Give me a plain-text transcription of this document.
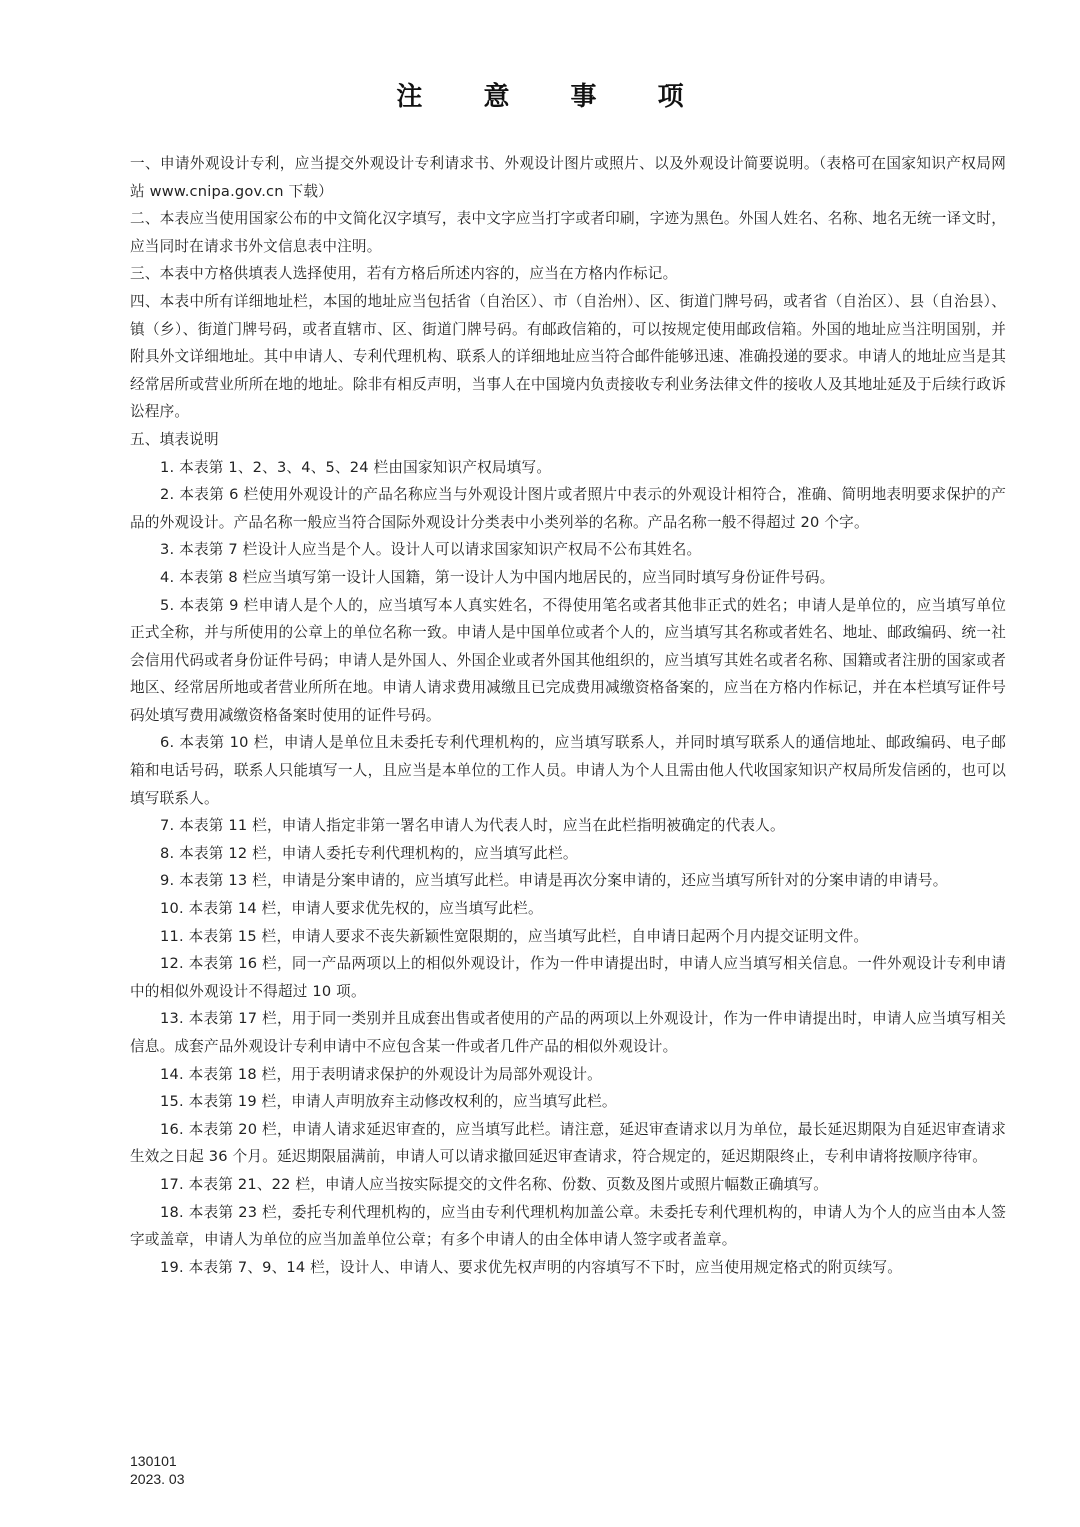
注 意 事 项

一、申请外观设计专利，应当提交外观设计专利请求书、外观设计图片或照片、以及外观设计简要说明。（表格可在国家知识产权局网站 www.cnipa.gov.cn 下载）

二、本表应当使用国家公布的中文简化汉字填写，表中文字应当打字或者印刷，字迹为黑色。外国人姓名、名称、地名无统一译文时，应当同时在请求书外文信息表中注明。

三、本表中方格供填表人选择使用，若有方格后所述内容的，应当在方格内作标记。

四、本表中所有详细地址栏，本国的地址应当包括省（自治区）、市（自治州）、区、街道门牌号码，或者省（自治区）、县（自治县）、镇（乡）、街道门牌号码，或者直辖市、区、街道门牌号码。有邮政信箱的，可以按规定使用邮政信箱。外国的地址应当注明国别，并附具外文详细地址。其中申请人、专利代理机构、联系人的详细地址应当符合邮件能够迅速、准确投递的要求。申请人的地址应当是其经常居所或营业所所在地的地址。除非有相反声明，当事人在中国境内负责接收专利业务法律文件的接收人及其地址延及于后续行政诉讼程序。

五、填表说明

1. 本表第 1、2、3、4、5、24 栏由国家知识产权局填写。

2. 本表第 6 栏使用外观设计的产品名称应当与外观设计图片或者照片中表示的外观设计相符合，准确、简明地表明要求保护的产品的外观设计。产品名称一般应当符合国际外观设计分类表中小类列举的名称。产品名称一般不得超过 20 个字。

3. 本表第 7 栏设计人应当是个人。设计人可以请求国家知识产权局不公布其姓名。

4. 本表第 8 栏应当填写第一设计人国籍，第一设计人为中国内地居民的，应当同时填写身份证件号码。

5. 本表第 9 栏申请人是个人的，应当填写本人真实姓名，不得使用笔名或者其他非正式的姓名；申请人是单位的，应当填写单位正式全称，并与所使用的公章上的单位名称一致。申请人是中国单位或者个人的，应当填写其名称或者姓名、地址、邮政编码、统一社会信用代码或者身份证件号码；申请人是外国人、外国企业或者外国其他组织的，应当填写其姓名或者名称、国籍或者注册的国家或者地区、经常居所地或者营业所所在地。申请人请求费用减缴且已完成费用减缴资格备案的，应当在方格内作标记，并在本栏填写证件号码处填写费用减缴资格备案时使用的证件号码。

6. 本表第 10 栏，申请人是单位且未委托专利代理机构的，应当填写联系人，并同时填写联系人的通信地址、邮政编码、电子邮箱和电话号码，联系人只能填写一人，且应当是本单位的工作人员。申请人为个人且需由他人代收国家知识产权局所发信函的，也可以填写联系人。

7. 本表第 11 栏，申请人指定非第一署名申请人为代表人时，应当在此栏指明被确定的代表人。

8. 本表第 12 栏，申请人委托专利代理机构的，应当填写此栏。

9. 本表第 13 栏，申请是分案申请的，应当填写此栏。申请是再次分案申请的，还应当填写所针对的分案申请的申请号。

10. 本表第 14 栏，申请人要求优先权的，应当填写此栏。

11. 本表第 15 栏，申请人要求不丧失新颖性宽限期的，应当填写此栏，自申请日起两个月内提交证明文件。

12. 本表第 16 栏，同一产品两项以上的相似外观设计，作为一件申请提出时，申请人应当填写相关信息。一件外观设计专利申请中的相似外观设计不得超过 10 项。

13. 本表第 17 栏，用于同一类别并且成套出售或者使用的产品的两项以上外观设计，作为一件申请提出时，申请人应当填写相关信息。成套产品外观设计专利申请中不应包含某一件或者几件产品的相似外观设计。

14. 本表第 18 栏，用于表明请求保护的外观设计为局部外观设计。

15. 本表第 19 栏，申请人声明放弃主动修改权利的，应当填写此栏。

16. 本表第 20 栏，申请人请求延迟审查的，应当填写此栏。请注意，延迟审查请求以月为单位，最长延迟期限为自延迟审查请求生效之日起 36 个月。延迟期限届满前，申请人可以请求撤回延迟审查请求，符合规定的，延迟期限终止，专利申请将按顺序待审。

17. 本表第 21、22 栏，申请人应当按实际提交的文件名称、份数、页数及图片或照片幅数正确填写。

18. 本表第 23 栏，委托专利代理机构的，应当由专利代理机构加盖公章。未委托专利代理机构的，申请人为个人的应当由本人签字或盖章，申请人为单位的应当加盖单位公章；有多个申请人的由全体申请人签字或者盖章。

19. 本表第 7、9、14 栏，设计人、申请人、要求优先权声明的内容填写不下时，应当使用规定格式的附页续写。

130101
2023. 03
